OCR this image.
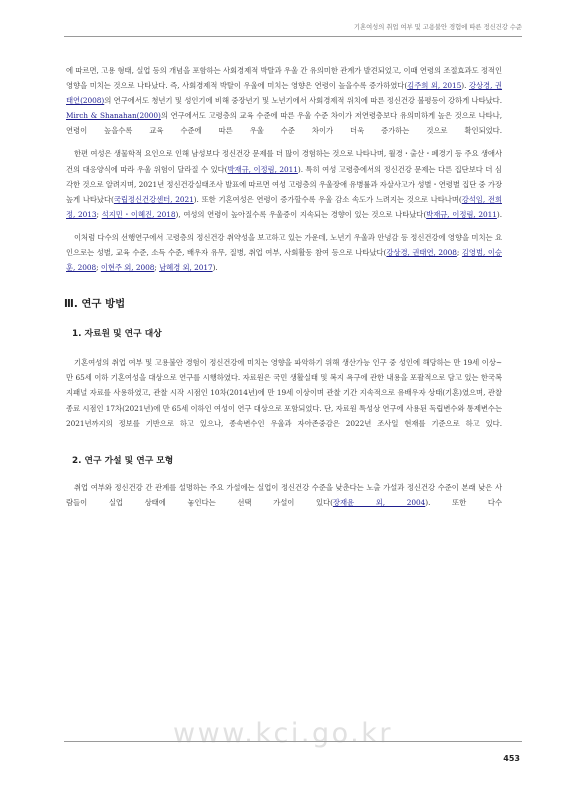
기혼여성의 취업 여부 및 고용불안 경험에 따른 정신건강 수준

에 따르면, 고용 형태, 실업 등의 개념을 포함하는 사회경제적 박탈과 우울 간 유의미한 관계가 발견되었고, 이때 연령의 조절효과도 정적인 영향을 미치는 것으로 나타났다. 즉, 사회경제적 박탈이 우울에 미치는 영향은 연령이 높을수록 증가하였다(김주희 외, 2015). 강상경, 권태연(2008)의 연구에서도 청년기 및 성인기에 비해 중장년기 및 노년기에서 사회경제적 위치에 따른 정신건강 불평등이 강하게 나타났다. Mirch & Shanahan(2000)의 연구에서도 고령층의 교육 수준에 따른 우울 수준 차이가 저연령층보다 유의미하게 높은 것으로 나타나, 연령이 높을수록 교육 수준에 따른 우울 수준 차이가 더욱 증가하는 것으로 확인되었다.

한편 여성은 생물학적 요인으로 인해 남성보다 정신건강 문제를 더 많이 경험하는 것으로 나타나며, 월경・출산・폐경기 등 주요 생애사건의 대응양식에 따라 우울 위험이 달라질 수 있다(박재규, 이정림, 2011). 특히 여성 고령층에서의 정신건강 문제는 다른 집단보다 더 심각한 것으로 알려지며, 2021년 정신건강실태조사 발표에 따르면 여성 고령층의 우울장애 유병률과 자살사고가 성별・연령별 집단 중 가장 높게 나타났다(국립정신건강센터, 2021). 또한 기혼여성은 연령이 증가할수록 우울 감소 속도가 느려지는 것으로 나타나며(강석임, 전희정, 2013; 석지민・이혜진, 2018), 여성의 연령이 높아질수록 우울증이 지속되는 경향이 있는 것으로 나타났다(박재규, 이정림, 2011).

이처럼 다수의 선행연구에서 고령층의 정신건강 취약성을 보고하고 있는 가운데, 노년기 우울과 안녕감 등 정신건강에 영향을 미치는 요인으로는 성별, 교육 수준, 소득 수준, 배우자 유무, 질병, 취업 여부, 사회활동 참여 등으로 나타났다(강상경, 권태연, 2008; 김영범, 이승훈, 2008; 이현주 외, 2008; 남혜경 외, 2017).

Ⅲ. 연구 방법
1. 자료원 및 연구 대상

기혼여성의 취업 여부 및 고용불안 경험이 정신건강에 미치는 영향을 파악하기 위해 생산가능 인구 중 성인에 해당하는 만 19세 이상~만 65세 이하 기혼여성을 대상으로 연구를 시행하였다. 자료원은 국민 생활실태 및 복지 욕구에 관한 내용을 포괄적으로 담고 있는 한국복지패널 자료를 사용하였고, 관찰 시작 시점인 10차(2014년)에 만 19세 이상이며 관찰 기간 지속적으로 유배우자 상태(기혼)였으며, 관찰 종료 시점인 17차(2021년)에 만 65세 이하인 여성이 연구 대상으로 포함되었다. 단, 자료원 특성상 연구에 사용된 독립변수와 통제변수는 2021년까지의 정보를 기반으로 하고 있으나, 종속변수인 우울과 자아존중감은 2022년 조사일 현재를 기준으로 하고 있다.

2. 연구 가설 및 연구 모형

취업 여부와 정신건강 간 관계를 설명하는 주요 가설에는 실업이 정신건강 수준을 낮춘다는 노출 가설과 정신건강 수준이 본래 낮은 사람들이 실업 상태에 놓인다는 선택 가설이 있다(장재윤 외, 2004). 또한 다수

www.kci.go.kr
453
